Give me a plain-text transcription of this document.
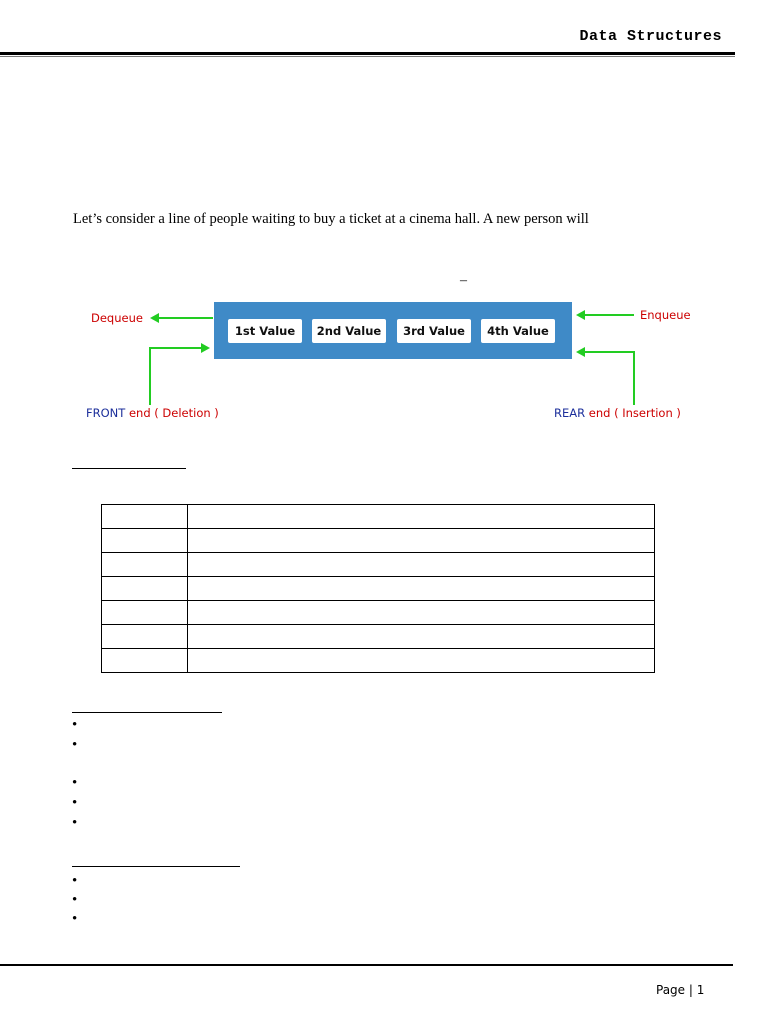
Data Structures
Let’s consider a line of people waiting to buy a ticket at a cinema hall. A new person will
–
1st Value	2nd Value	3rd Value	4th Value
Dequeue	Enqueue
FRONT end ( Deletion )	REAR end ( Insertion )

•
•
•
•
•
•
•
•
Page | 1
